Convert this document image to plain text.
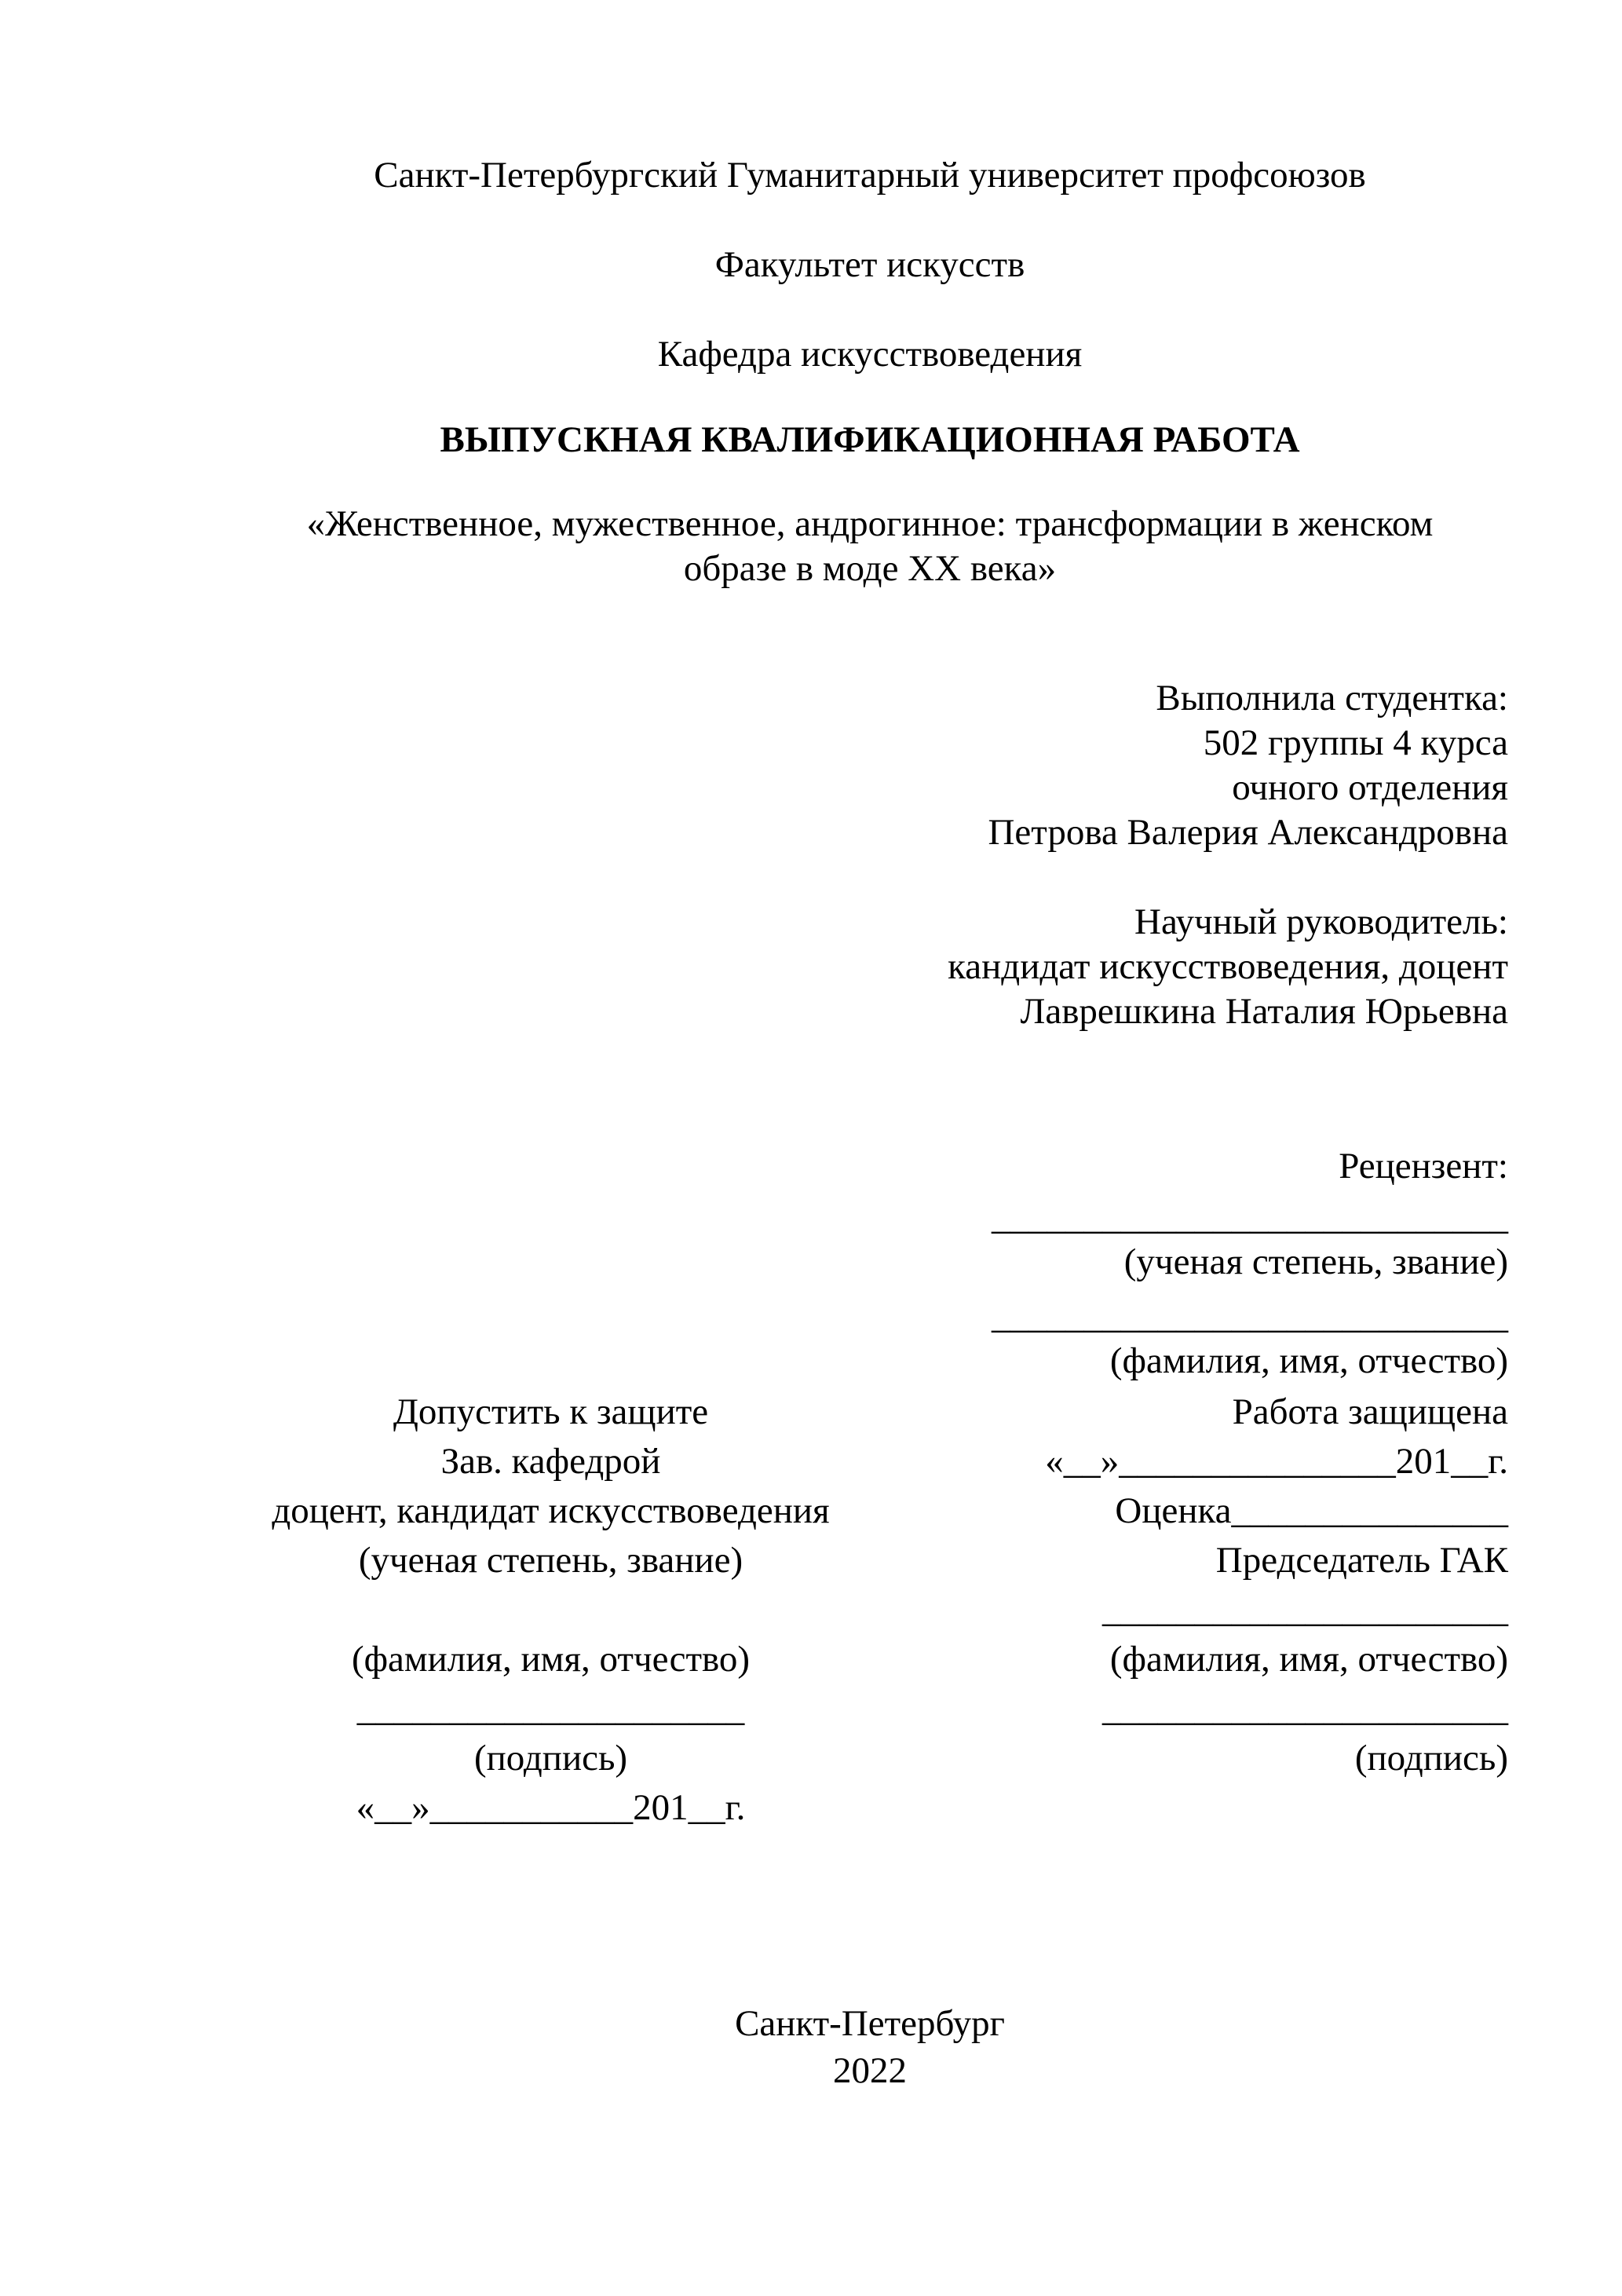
Санкт-Петербургский Гуманитарный университет профсоюзов
Факультет искусств
Кафедра искусствоведения
ВЫПУСКНАЯ КВАЛИФИКАЦИОННАЯ РАБОТА
«Женственное, мужественное, андрогинное: трансформации в женском
образе в моде ХХ века»
Выполнила студентка:
502 группы 4 курса
очного отделения
Петрова Валерия Александровна
Научный руководитель:
кандидат искусствоведения, доцент
Лаврешкина Наталия Юрьевна
Рецензент:
____________________________
(ученая степень, звание)
____________________________
(фамилия, имя, отчество)
Допустить к защите
Зав. кафедрой
доцент, кандидат искусствоведения
(ученая степень, звание)
(фамилия, имя, отчество)
_____________________
(подпись)
«__»___________201__г.
Работа защищена
«__»_______________201__г.
Оценка_______________
Председатель ГАК
______________________
(фамилия, имя, отчество)
______________________
(подпись)
Санкт-Петербург
2022
